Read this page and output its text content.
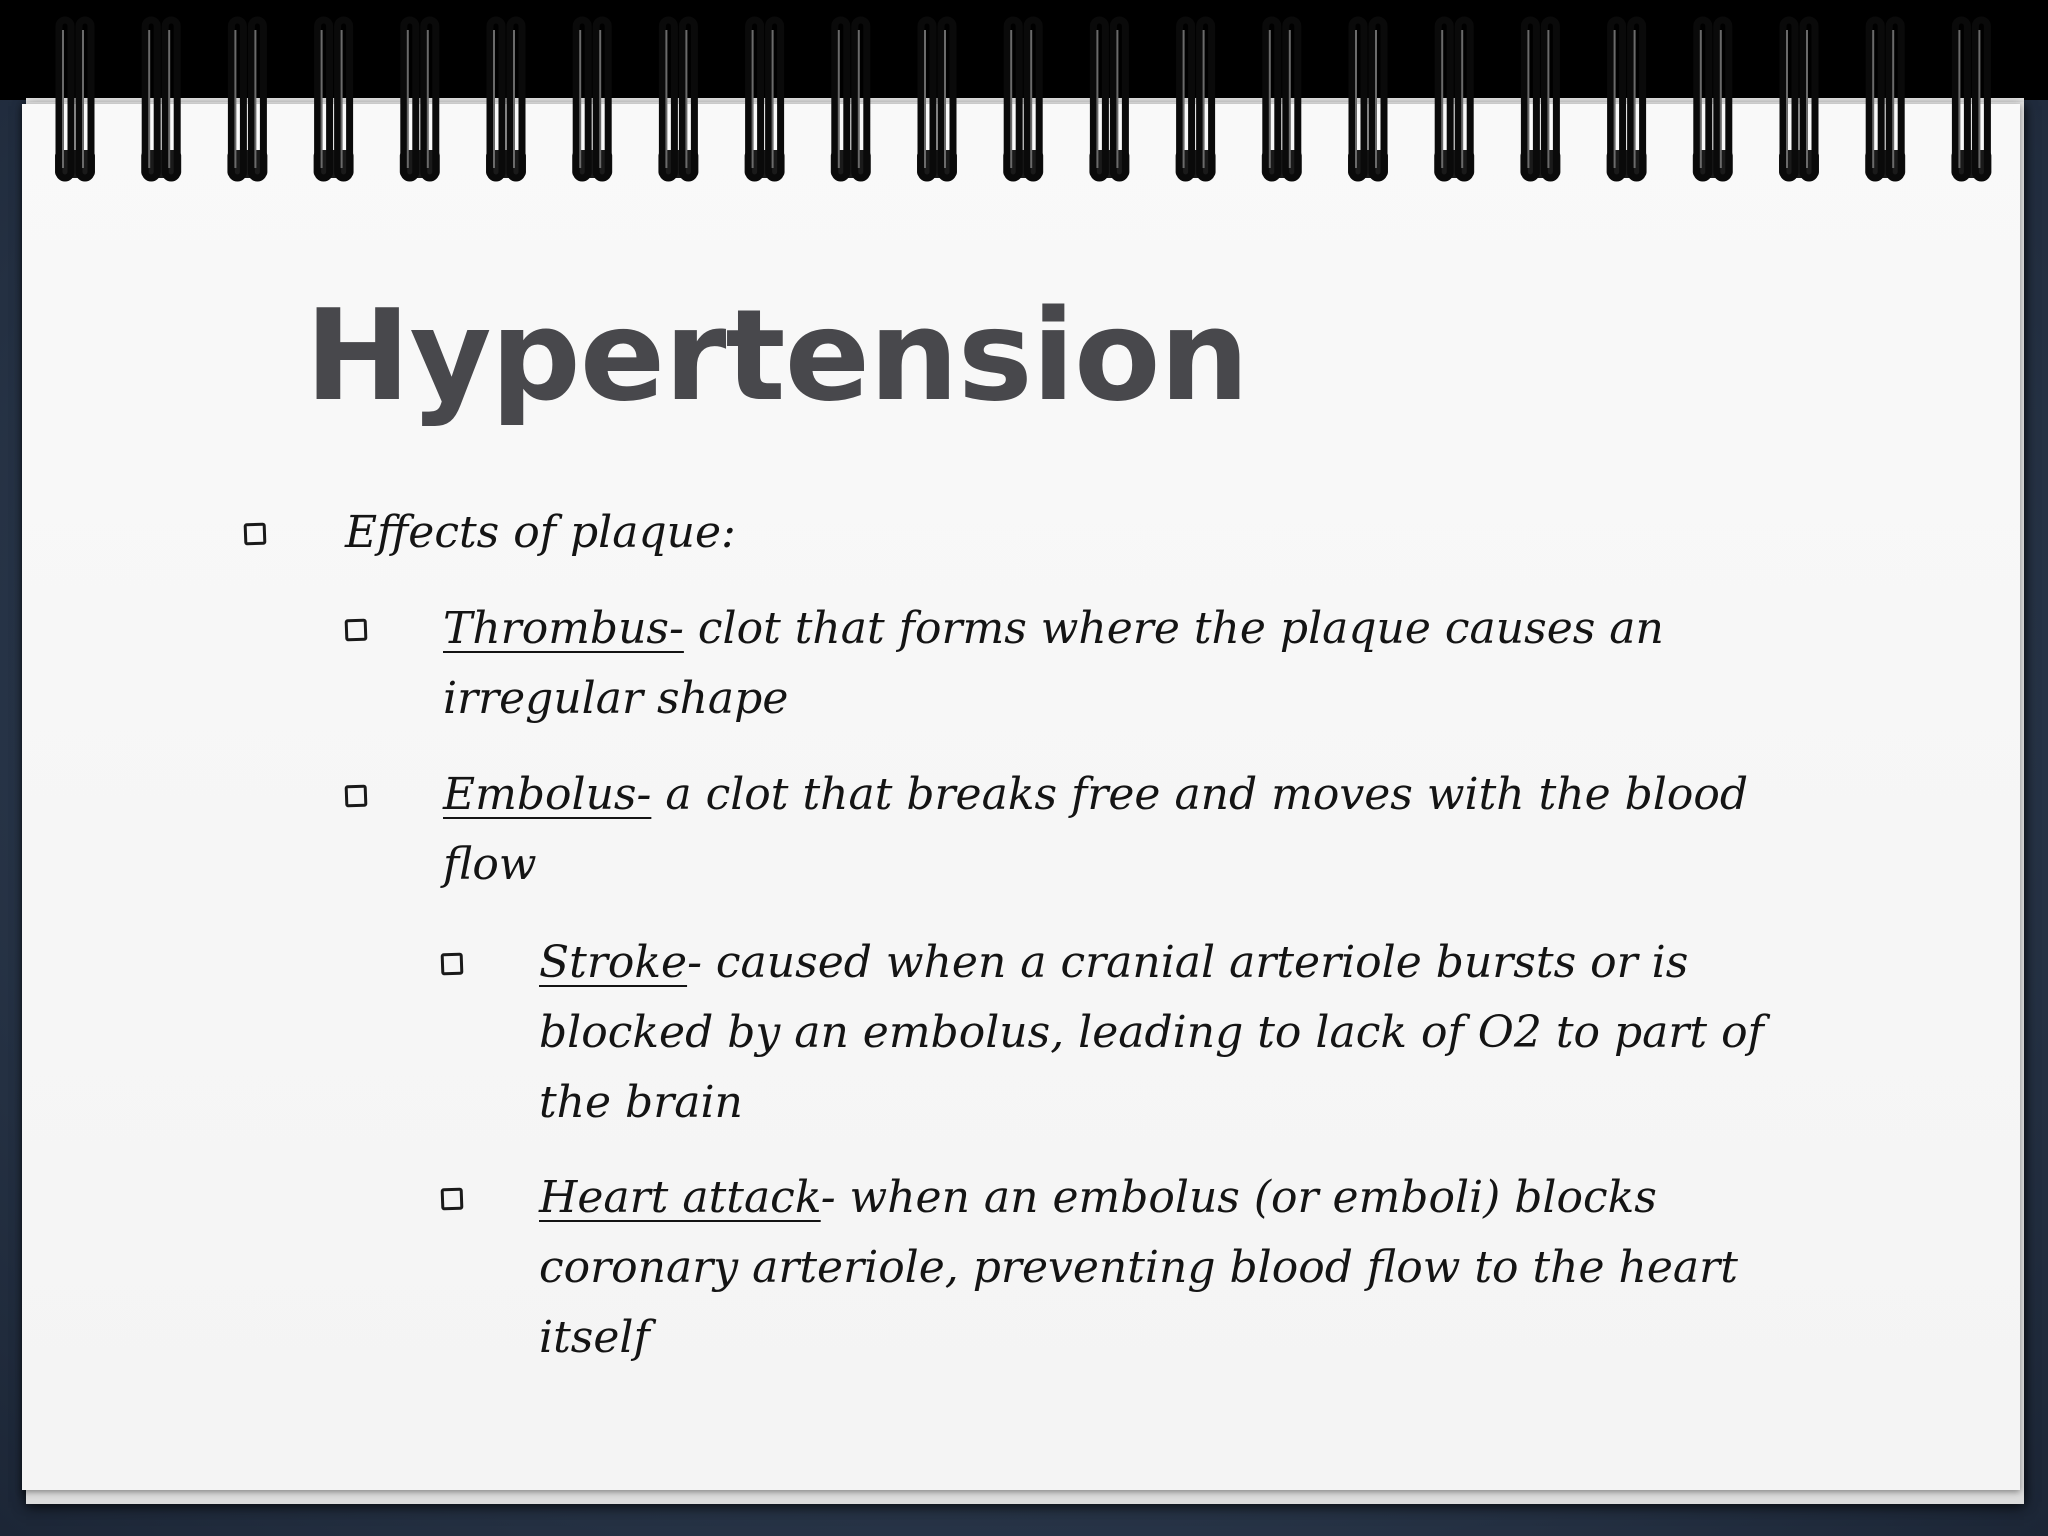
Hypertension
Effects of plaque:
Thrombus- clot that forms where the plaque causes an irregular shape
Embolus- a clot that breaks free and moves with the blood flow
Stroke- caused when a cranial arteriole bursts or is blocked by an embolus, leading to lack of O2 to part of the brain
Heart attack- when an embolus (or emboli) blocks coronary arteriole, preventing blood flow to the heart itself
